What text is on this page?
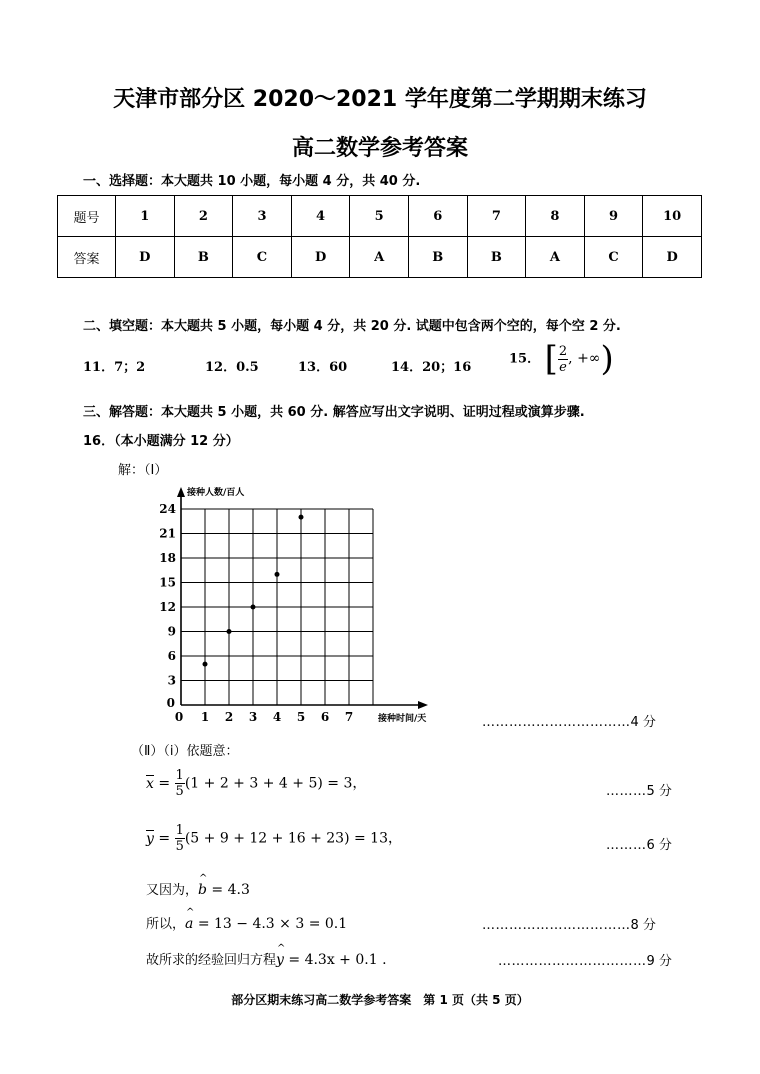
天津市部分区 2020～2021 学年度第二学期期末练习
高二数学参考答案
一、选择题：本大题共 10 小题，每小题 4 分，共 40 分.
题号	1	2	3	4	5	6	7	8	9	10
答案	D	B	C	D	A	B	B	A	C	D
二、填空题：本大题共 5 小题，每小题 4 分，共 20 分. 试题中包含两个空的，每个空 2 分.
11．7；2	12．0.5	13．60	14．20；16
15． [ $\frac{2}{e}$ , +∞)
三、解答题：本大题共 5 小题，共 60 分. 解答应写出文字说明、证明过程或演算步骤.
16．（本小题满分 12 分）
解：（Ⅰ）
0 1 2 3 4 5 6 7
0
3
6
9
12
15
18
21
24
接种人数/百人
接种时间/天	……………………………4 分
（Ⅱ）（ⅰ）依题意：
$x = \frac{1}{5} (1 + 2 + 3 + 4 + 5) = 3$，	………5 分
$y = \frac{1}{5} (5 + 9 + 12 + 16 + 23) = 13$，	………6 分
又因为，^ b = 4.3
所以，^ a = 13 − 4.3 × 3 = 0.1	……………………………8 分
故所求的经验回归方程^ y = 4.3x + 0.1 .	……………………………9 分
部分区期末练习高二数学参考答案　第 1 页（共 5 页）
